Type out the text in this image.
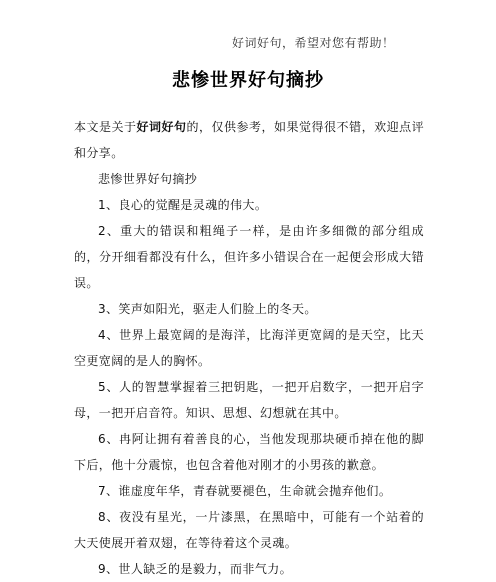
好词好句，希望对您有帮助！
悲惨世界好句摘抄

本文是关于好词好句的，仅供参考，如果觉得很不错，欢迎点评和分享。

悲惨世界好句摘抄

1、良心的觉醒是灵魂的伟大。

2、重大的错误和粗绳子一样，是由许多细微的部分组成的，分开细看都没有什么，但许多小错误合在一起便会形成大错误。

3、笑声如阳光，驱走人们脸上的冬天。

4、世界上最宽阔的是海洋，比海洋更宽阔的是天空，比天空更宽阔的是人的胸怀。

5、人的智慧掌握着三把钥匙，一把开启数字，一把开启字母，一把开启音符。知识、思想、幻想就在其中。

6、冉阿让拥有着善良的心，当他发现那块硬币掉在他的脚下后，他十分震惊，也包含着他对刚才的小男孩的歉意。

7、谁虚度年华，青春就要褪色，生命就会抛弃他们。

8、夜没有星光，一片漆黑，在黑暗中，可能有一个站着的大天使展开着双翅，在等待着这个灵魂。

9、世人缺乏的是毅力，而非气力。
